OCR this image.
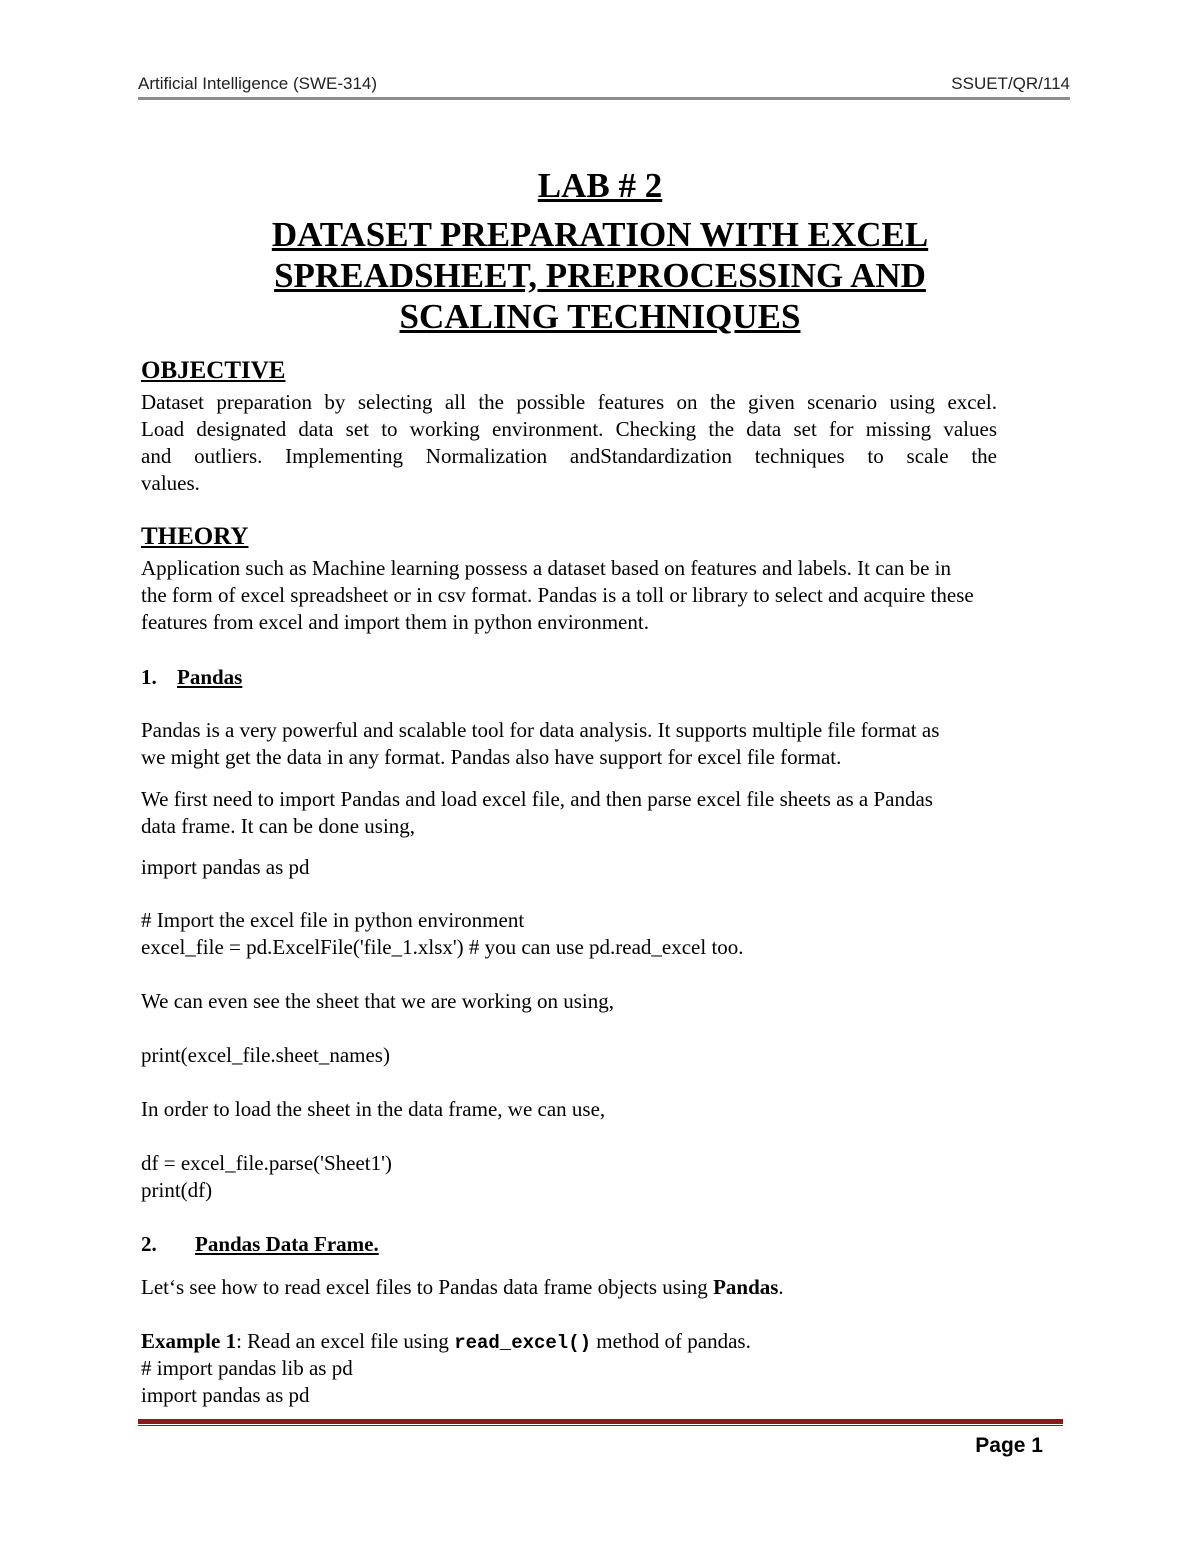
Artificial Intelligence (SWE-314)	SSUET/QR/114
LAB # 2
DATASET PREPARATION WITH EXCEL
SPREADSHEET, PREPROCESSING AND
SCALING TECHNIQUES
OBJECTIVE
Dataset preparation by selecting all the possible features on the given scenario using excel.
Load designated data set to working environment. Checking the data set for missing values
and outliers. Implementing Normalization andStandardization techniques to scale the
values.
THEORY
Application such as Machine learning possess a dataset based on features and labels. It can be in
the form of excel spreadsheet or in csv format. Pandas is a toll or library to select and acquire these
features from excel and import them in python environment.
1. Pandas
Pandas is a very powerful and scalable tool for data analysis. It supports multiple file format as
we might get the data in any format. Pandas also have support for excel file format.
We first need to import Pandas and load excel file, and then parse excel file sheets as a Pandas
data frame. It can be done using,
import pandas as pd
# Import the excel file in python environment
excel_file = pd.ExcelFile('file_1.xlsx') # you can use pd.read_excel too.
We can even see the sheet that we are working on using,
print(excel_file.sheet_names)
In order to load the sheet in the data frame, we can use,
df = excel_file.parse('Sheet1')
print(df)
2. Pandas Data Frame.
Let‘s see how to read excel files to Pandas data frame objects using Pandas.
Example 1: Read an excel file using read_excel() method of pandas.
# import pandas lib as pd
import pandas as pd
Page 1
